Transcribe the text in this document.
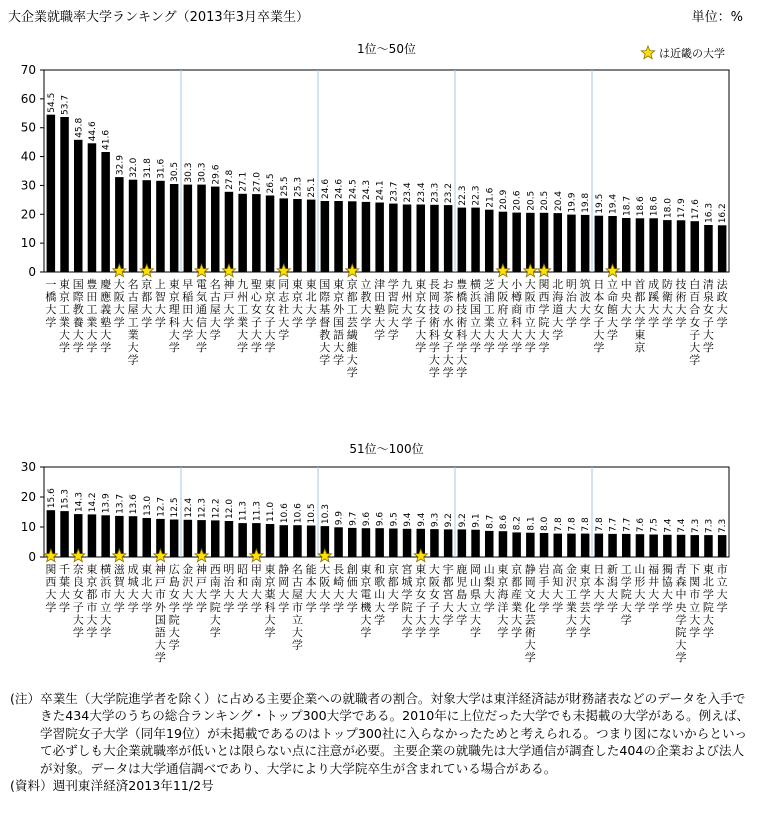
大企業就職率大学ランキング（2013年3月卒業生）	単位：%
1位～50位
0
10
20
30
40
50
60
70
54.5
一
橋
大
学
53.7
東
京
工
業
大
学
45.8
国
際
教
養
大
学
44.6
豊
田
工
業
大
学
41.6
慶
應
義
塾
大
学
32.9
大
阪
大
学
32.0
名
古
屋
工
業
大
学
31.8
京
都
大
学
31.6
上
智
大
学
30.5
東
京
理
科
大
学
30.3
早
稲
田
大
学
30.3
電
気
通
信
大
学
29.6
名
古
屋
大
学
27.8
神
戸
大
学
27.1
九
州
工
業
大
学
27.0
聖
心
女
子
大
学
26.5
東
京
女
子
大
学
25.5
同
志
社
大
学
25.3
東
京
大
学
25.1
東
北
大
学
24.6
国
際
基
督
教
大
学
24.6
東
京
外
国
語
大
学
24.5
京
都
工
芸
繊
維
大
学
24.3
立
教
大
学
24.1
津
田
塾
大
学
23.7
学
習
院
大
学
23.4
九
州
大
学
23.4
東
京
女
子
大
学
23.3
長
岡
技
術
科
学
大
学
23.2
お
茶
の
水
女
子
大
学
22.3
豊
橋
技
術
科
学
大
学
22.3
横
浜
国
立
大
学
21.6
芝
浦
工
業
大
学
20.9
大
阪
府
立
大
学
20.6
小
樽
商
科
大
学
20.5
大
阪
市
立
大
学
20.5
関
西
学
院
大
学
20.4
北
海
道
大
学
19.9
明
治
大
学
19.8
筑
波
大
学
19.5
日
本
女
子
大
学
19.4
立
命
館
大
学
18.7
中
央
大
学
18.6
首
都
大
学
東
京
18.6
成
蹊
大
学
18.0
防
衛
大
学
17.9
技
術
大
学
17.6
白
百
合
女
子
大
学
16.3
清
泉
女
子
大
学
16.2
法
政
大
学
は近畿の大学
51位～100位
0
10
20
30
15.6
関
西
大
学
15.3
千
葉
大
学
14.3
奈
良
女
子
大
学
14.2
東
京
都
市
大
学
13.9
横
浜
市
立
大
学
13.7
滋
賀
大
学
13.6
成
城
大
学
13.0
東
北
大
学
12.7
神
戸
市
外
国
語
大
学
12.5
広
島
女
学
院
大
学
12.4
金
沢
大
学
12.3
神
戸
大
学
12.2
西
南
学
院
大
学
12.0
明
治
大
学
11.3
昭
和
大
学
11.3
甲
南
大
学
11.0
東
京
薬
科
大
学
10.6
静
岡
大
学
10.6
名
古
屋
市
立
大
学
10.5
能
本
大
学
10.3
大
阪
大
学
9.9
長
崎
大
学
9.7
創
価
大
学
9.6
東
京
電
機
大
学
9.6
和
歌
山
大
学
9.5
京
都
大
学
9.4
宮
城
学
院
大
学
9.4
東
京
女
子
大
学
9.3
大
阪
女
子
大
学
9.2
宇
都
宮
大
学
9.2
鹿
児
島
大
学
9.1
岡
山
県
立
大
学
8.7
山
梨
大
学
8.6
東
京
海
洋
大
学
8.2
京
都
産
業
大
学
8.1
静
岡
文
化
芸
術
大
学
8.0
岩
手
大
学
7.8
高
知
大
学
7.8
金
沢
工
業
大
学
7.8
東
京
学
芸
大
学
7.8
日
本
大
学
7.7
新
潟
大
学
7.7
工
学
院
大
学
7.6
山
形
大
学
7.5
福
井
大
学
7.4
獨
協
大
学
7.4
青
森
中
央
学
院
大
学
7.3
下
関
市
立
大
学
7.3
東
北
学
院
大
学
7.3
市
立
大
学

(注）卒業生（大学院進学者を除く）に占める主要企業への就職者の割合。対象大学は東洋経済誌が財務諸表などのデータを入手できた434大学のうちの総合ランキング・トップ300大学である。2010年に上位だった大学でも未掲載の大学がある。例えば、学習院女子大学（同年19位）が未掲載であるのはトップ300社に入らなかったためと考えられる。つまり図にないからといって必ずしも大企業就職率が低いとは限らない点に注意が必要。主要企業の就職先は大学通信が調査した404の企業および法人が対象。データは大学通信調べであり、大学により大学院卒生が含まれている場合がある。

(資料）週刊東洋経済2013年11/2号
